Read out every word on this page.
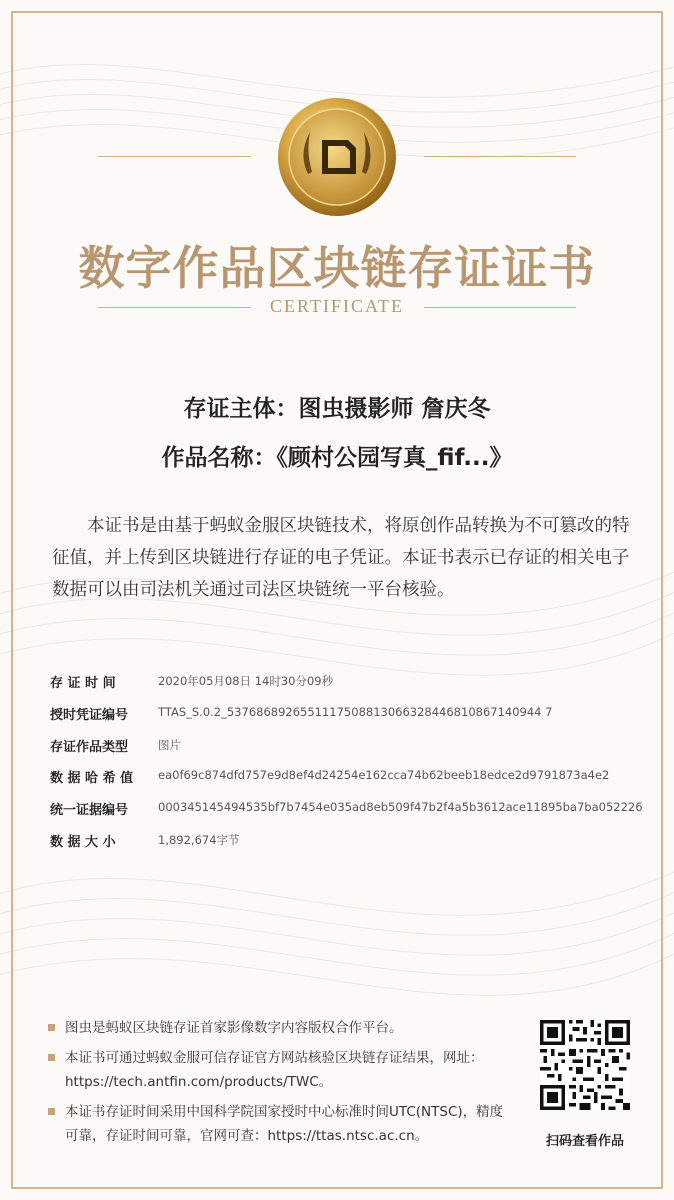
数字作品区块链存证证书
CERTIFICATE
存证主体：图虫摄影师 詹庆冬
作品名称：《顾村公园写真_fif...》
本证书是由基于蚂蚁金服区块链技术，将原创作品转换为不可篡改的特征值，并上传到区块链进行存证的电子凭证。本证书表示已存证的相关电子数据可以由司法机关通过司法区块链统一平台核验。
存 证 时 间	2020年05月08日 14时30分09秒
授时凭证编号	TTAS_S.0.2_5376868926551117508813066328446810867140944 7
存证作品类型	图片
数 据 哈 希 值	ea0f69c874dfd757e9d8ef4d24254e162cca74b62beeb18edce2d9791873a4e2
统一证据编号	000345145494535bf7b7454e035ad8eb509f47b2f4a5b3612ace11895ba7ba052226
数 据 大 小	1,892,674字节
图虫是蚂蚁区块链存证首家影像数字内容版权合作平台。
本证书可通过蚂蚁金服可信存证官方网站核验区块链存证结果，网址：https://tech.antfin.com/products/TWC。
本证书存证时间采用中国科学院国家授时中心标准时间UTC(NTSC)，精度可靠，存证时间可靠，官网可查：https://ttas.ntsc.ac.cn。	扫码查看作品
